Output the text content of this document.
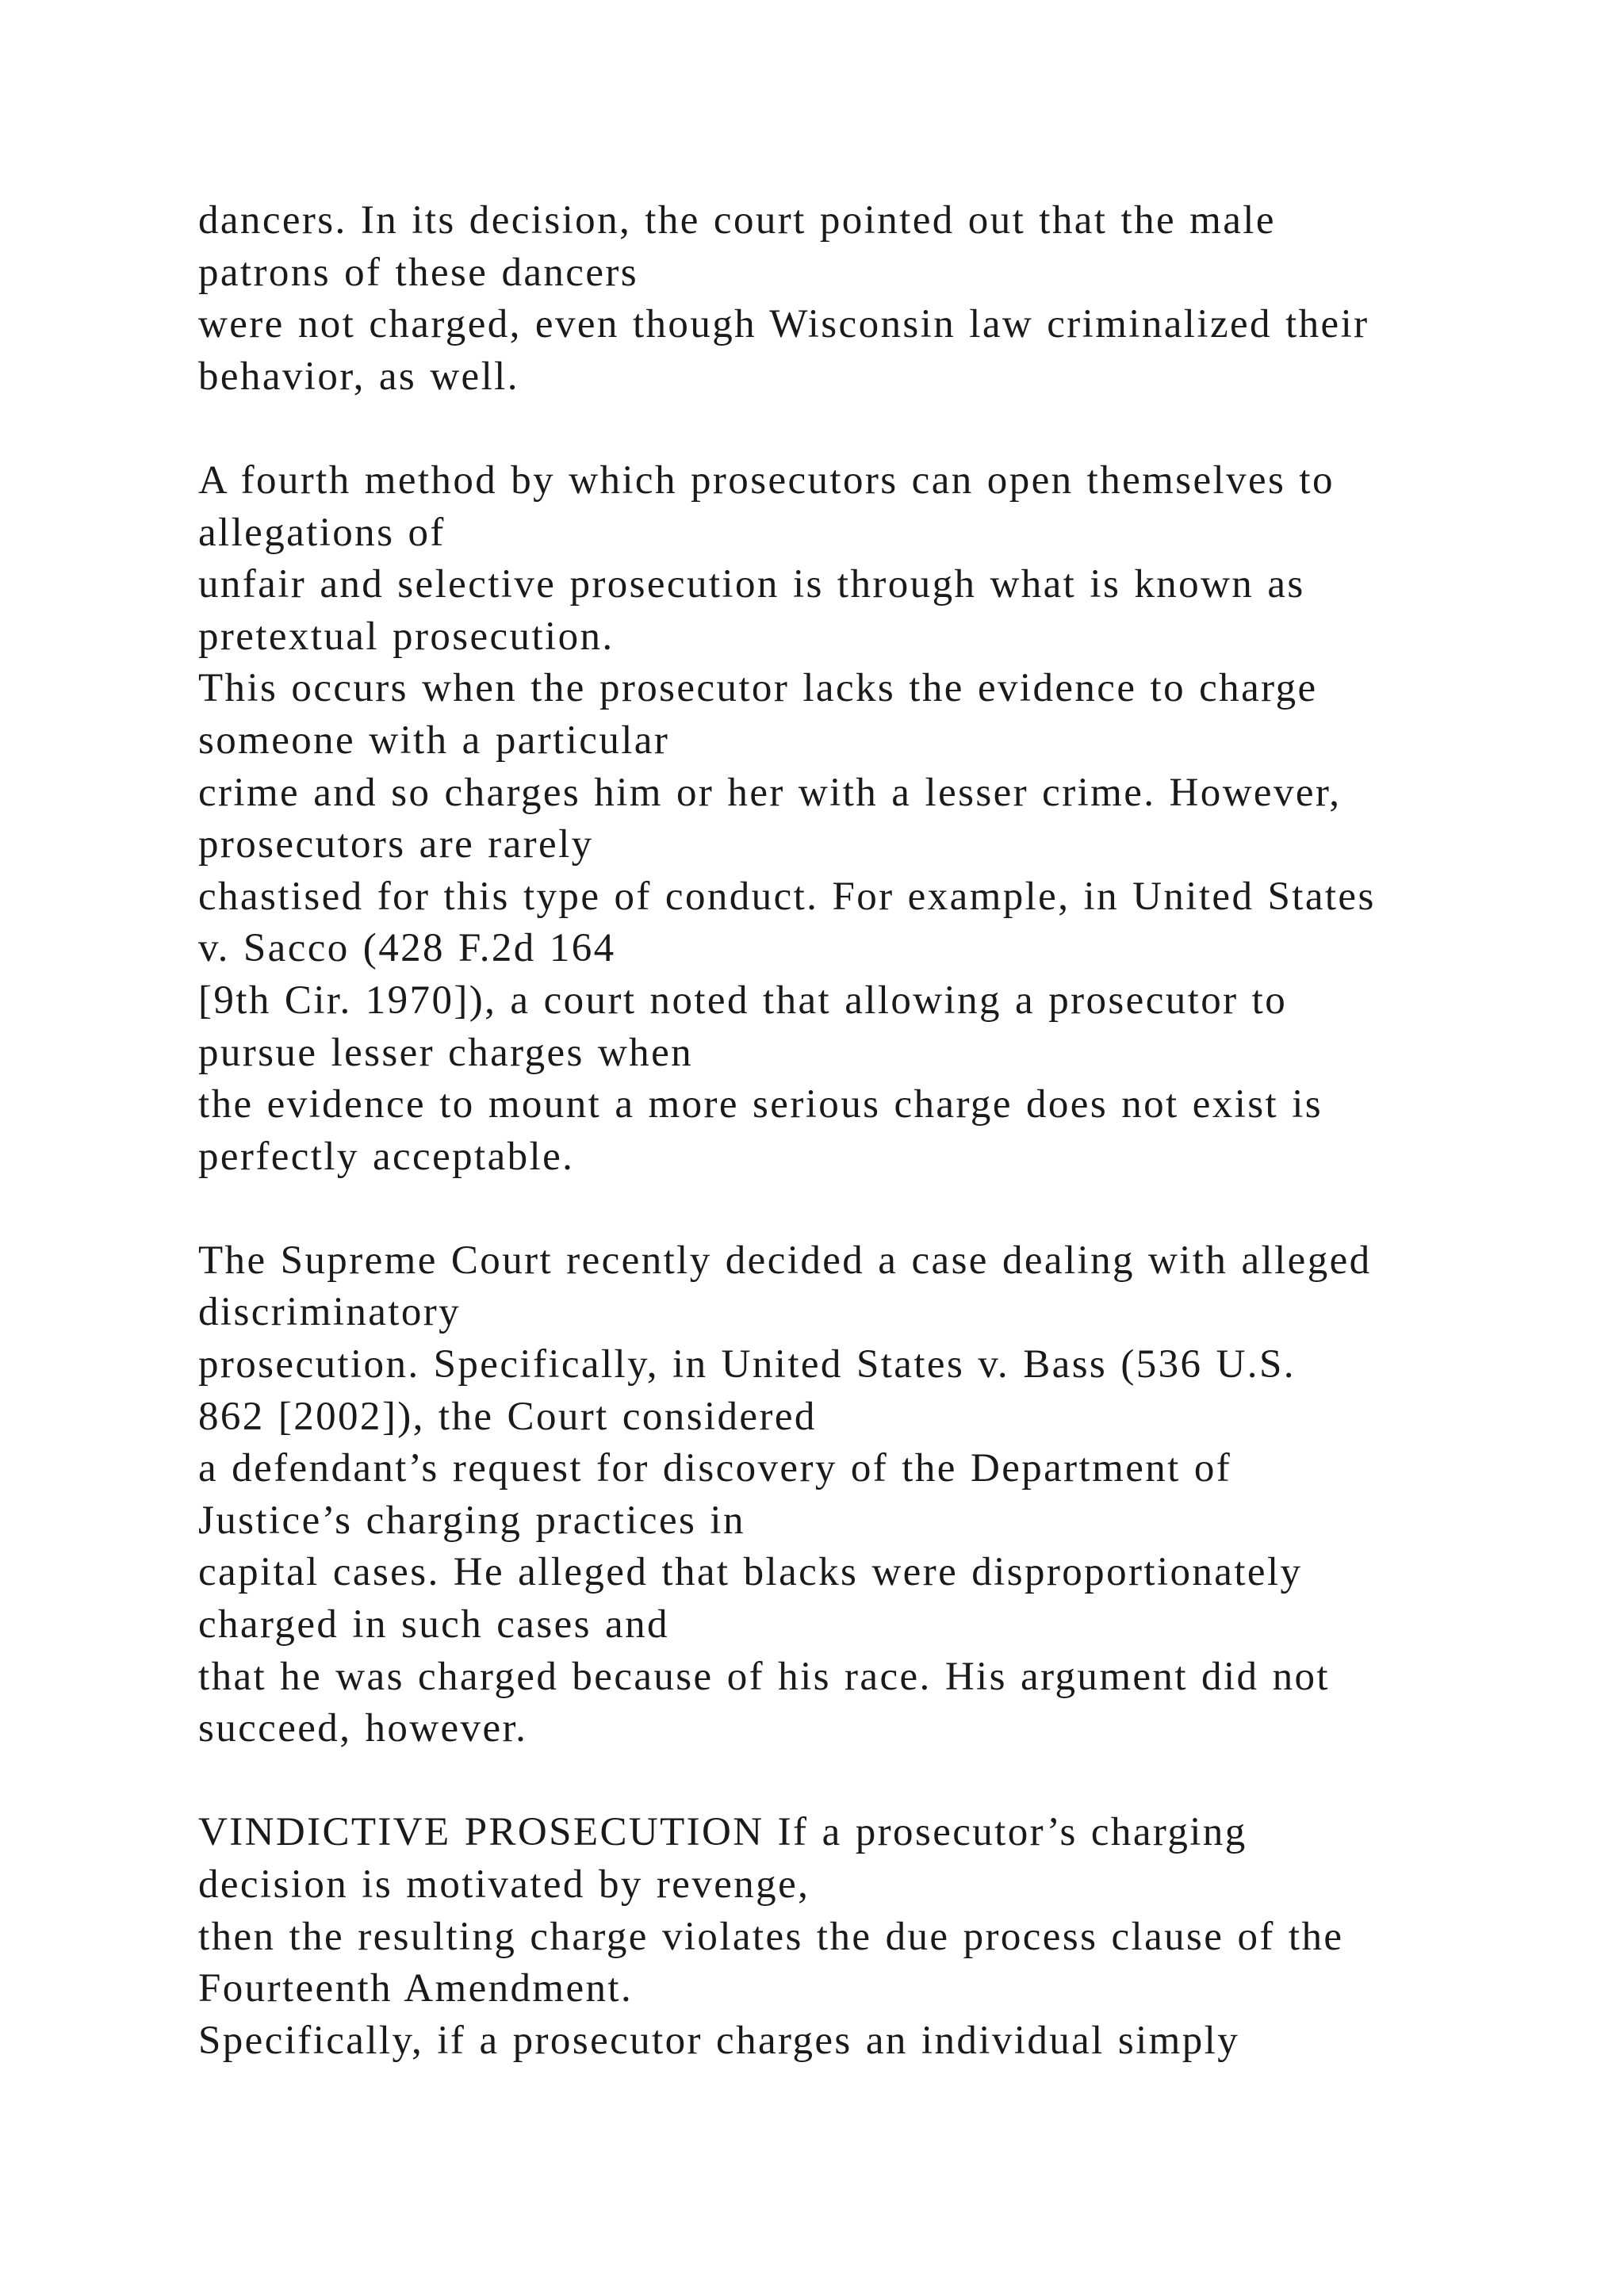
dancers. In its decision, the court pointed out that the male
patrons of these dancers
were not charged, even though Wisconsin law criminalized their
behavior, as well.
A fourth method by which prosecutors can open themselves to
allegations of
unfair and selective prosecution is through what is known as
pretextual prosecution.
This occurs when the prosecutor lacks the evidence to charge
someone with a particular
crime and so charges him or her with a lesser crime. However,
prosecutors are rarely
chastised for this type of conduct. For example, in United States
v. Sacco (428 F.2d 164
[9th Cir. 1970]), a court noted that allowing a prosecutor to
pursue lesser charges when
the evidence to mount a more serious charge does not exist is
perfectly acceptable.
The Supreme Court recently decided a case dealing with alleged
discriminatory
prosecution. Specifically, in United States v. Bass (536 U.S.
862 [2002]), the Court considered
a defendant’s request for discovery of the Department of
Justice’s charging practices in
capital cases. He alleged that blacks were disproportionately
charged in such cases and
that he was charged because of his race. His argument did not
succeed, however.
VINDICTIVE PROSECUTION If a prosecutor’s charging
decision is motivated by revenge,
then the resulting charge violates the due process clause of the
Fourteenth Amendment.
Specifically, if a prosecutor charges an individual simply
